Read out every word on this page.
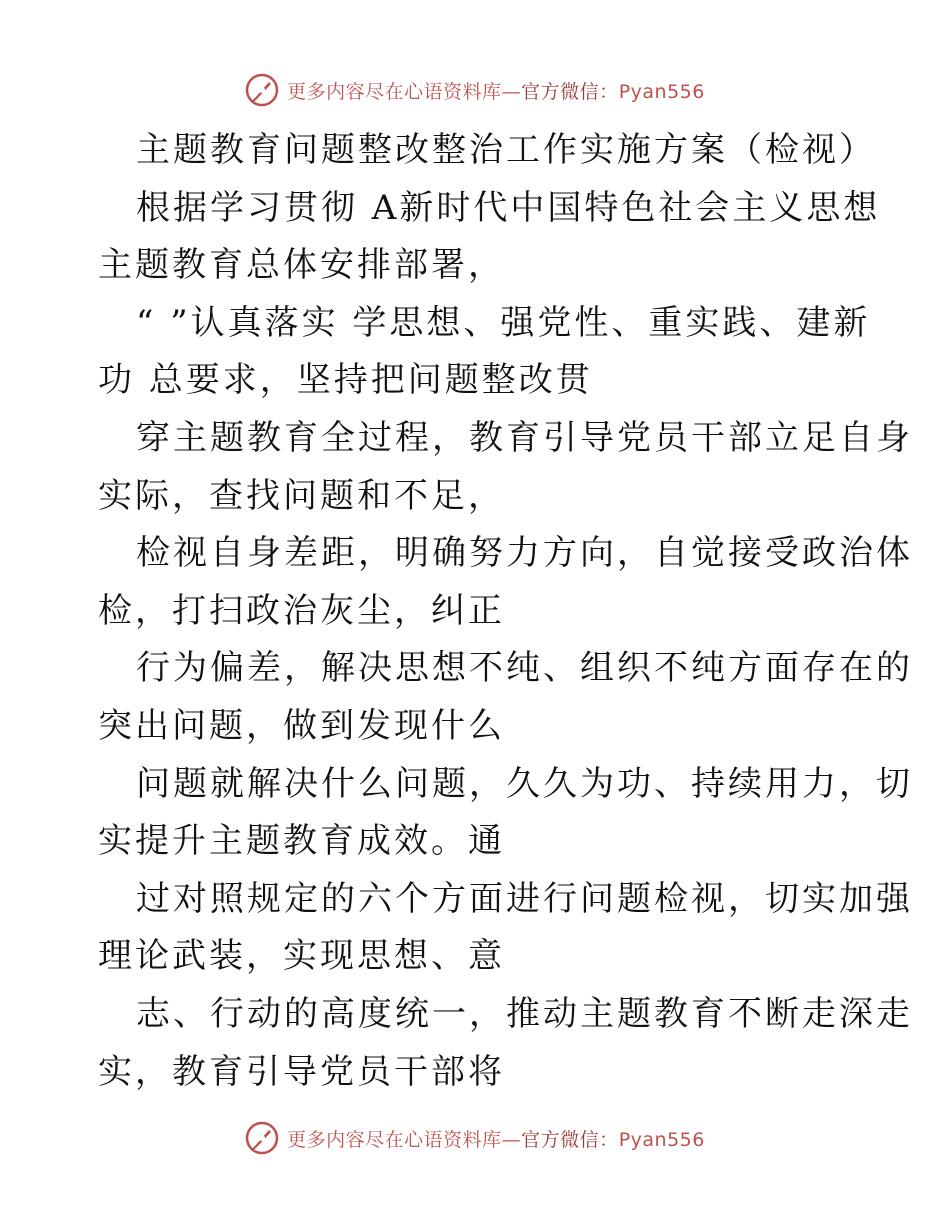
更多内容尽在心语资料库—官方微信：Pyan556
主题教育问题整改整治工作实施方案（检视）
根据学习贯彻 A新时代中国特色社会主义思想
主题教育总体安排部署，
“ ”认真落实 学思想、强党性、重实践、建新
功 总要求，坚持把问题整改贯
穿主题教育全过程，教育引导党员干部立足自身
实际，查找问题和不足，
检视自身差距，明确努力方向，自觉接受政治体
检，打扫政治灰尘，纠正
行为偏差，解决思想不纯、组织不纯方面存在的
突出问题，做到发现什么
问题就解决什么问题，久久为功、持续用力，切
实提升主题教育成效。通
过对照规定的六个方面进行问题检视，切实加强
理论武装，实现思想、意
志、行动的高度统一，推动主题教育不断走深走
实，教育引导党员干部将
更多内容尽在心语资料库—官方微信：Pyan556
